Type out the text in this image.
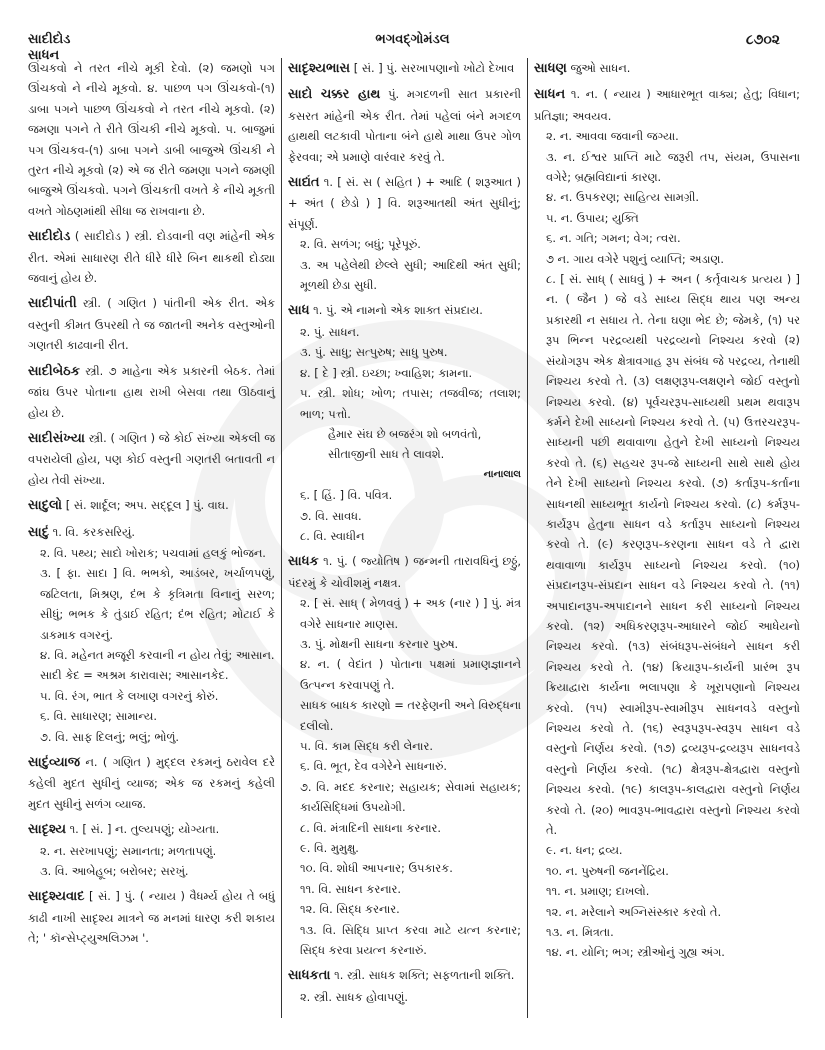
સાદીદોડ
સાધન
ભગવદ્ગોમંડલ	૮૭૦૨
ઊંચકવો ને તરત નીચે મૂકી દેવો. (૨) જમણો પગ ઊંચકવો ને નીચે મૂકવો. ૪. પાછળ પગ ઊંચકવો-(૧) ડાબા પગને પાછળ ઊંચકવો ને તરત નીચે મૂકવો. (૨) જમણા પગને તે રીતે ઊંચકી નીચે મૂકવો. ૫. બાજુમાં પગ ઊંચકવ-(૧) ડાબા પગને ડાબી બાજુએ ઊંચકી ને તુરત નીચે મૂકવો (૨) એ જ રીતે જમણા પગને જમણી બાજુએ ઊંચકવો. પગને ઊંચકતી વખતે કે નીચે મૂકતી વખતે ગોઠણમાંથી સીધા જ રાખવાના છે.
સાદીદોડ ( સાદીદોડ ) સ્ત્રી. દોડવાની વણ માંહેની એક રીત. એમાં સાધારણ રીતે ધીરે ધીરે બિન થાકથી દોડ્યા જવાનું હોય છે.
સાદીપાંતી સ્ત્રી. ( ગણિત ) પાંતીની એક રીત. એક વસ્તુની કીમત ઉપરથી તે જ જાતની અનેક વસ્તુઓની ગણતરી કાઢવાની રીત.
સાદીબેઠક સ્ત્રી. ૭ માહેના એક પ્રકારની બેઠક. તેમાં જાંઘ ઉપર પોતાના હાથ રાખી બેસવા તથા ઊઠવાનું હોય છે.
સાદીસંખ્યા સ્ત્રી. ( ગણિત ) જે કોઈ સંખ્યા એકલી જ વપરાયેલી હોય, પણ કોઈ વસ્તુની ગણતરી બતાવતી ન હોય તેવી સંખ્યા.
સાદુલો [ સં. શાર્દૂલ; અપ. સદ્દૂલ ] પું. વાઘ.
સાદું ૧. વિ. કરકસરિયું.
૨. વિ. પથ્ય; સાદો ખોરાક; પચવામાં હલકું ભોજન.
૩. [ ફા. સાદા ] વિ. ભભકો, આડંબર, ખર્ચાળપણું, જટિલતા, મિશ્રણ, દંભ કે કૃત્રિમતા વિનાનું સરળ; સીધું; ભભક કે તુંડાઈ રહિત; દંભ રહિત; મોટાઈ કે ડાકમાક વગરનું.
૪. વિ. મહેનત મજૂરી કરવાની ન હોય તેવું; આસાન.
સાદી કેદ = અશ્રમ કારાવાસ; આસાનકેદ.
૫. વિ. રંગ, ભાત કે લખાણ વગરનું કોરું.
૬. વિ. સાધારણ; સામાન્ય.
૭. વિ. સાફ દિલનું; ભલું; ભોળું.
સાદુંવ્યાજ ન. ( ગણિત ) મુદ્દલ રકમનું ઠરાવેલ દરે કહેલી મુદત સુધીનું વ્યાજ; એક જ રકમનું કહેલી મુદત સુધીનું સળંગ વ્યાજ.
સાદૃશ્ય ૧. [ સં. ] ન. તુલ્યપણું; યોગ્યતા.
૨. ન. સરખાપણું; સમાનતા; મળતાપણું.
૩. વિ. આબેહૂબ; બરોબર; સરખું.
સાદૃશ્યવાદ [ સં. ] પું. ( ન્યાય ) વૈધર્મ્ય હોય તે બધું કાઢી નાખી સાદૃશ્ય માત્રને જ મનમાં ધારણ કરી શકાય તે; ' કૉન્સેપ્ટ્યુઅલિઝમ '.
સાદૃશ્યભાસ [ સં. ] પું. સરખાપણાનો ખોટો દેખાવ
સાદો ચક્કર હાથ પું. મગદળની સાત પ્રકારની કસરત માંહેની એક રીત. તેમાં પહેલાં બંને મગદળ હાથથી લટકાવી પોતાના બંને હાથે માથા ઉપર ગોળ ફેરવવા; એ પ્રમાણે વારંવાર કરવું તે.
સાદ્યંત ૧. [ સં. સ ( સહિત ) + આદિ ( શરૂઆત ) + અંત ( છેડો ) ] વિ. શરૂઆતથી અંત સુધીનું; સંપૂર્ણ.
૨. વિ. સળંગ; બધું; પૂરેપૂરું.
૩. અ પહેલેથી છેલ્લે સુધી; આદિથી અંત સુધી; મૂળથી છેડા સુધી.
સાધ ૧. પું. એ નામનો એક શાક્ત સંપ્રદાય.
૨. પું. સાધન.
૩. પું. સાધુ; સત્પુરુષ; સાધુ પુરુષ.
૪. [ દે ] સ્ત્રી. ઇચ્છા; ખ્વાહિશ; કામના.
૫. સ્ત્રી. શોધ; ખોળ; તપાસ; તજવીજ; તલાશ; ભાળ; પત્તો.
હૈમાર સંઘ છે બજરંગ શો બળવંતો,
સીતાજીની સાધ તે લાવશે.
નાનાલાલ
૬. [ હિં. ] વિ. પવિત્ર.
૭. વિ. સાવધ.
૮. વિ. સ્વાધીન
સાધક ૧. પું. ( જ્યોતિષ ) જન્મની તારાવધિનું છઠ્ઠું, પંદરમું કે ચોવીશમું નક્ષત્ર.
૨. [ સં. સાધ્ ( મેળવવું ) + અક (નાર ) ] પું. મંત્ર વગેરે સાધનાર માણસ.
૩. પું. મોક્ષની સાધના કરનાર પુરુષ.
૪. ન. ( વેદાંત ) પોતાના પક્ષમાં પ્રમાણજ્ઞાનને ઉત્પન્ન કરવાપણું તે.
સાધક બાધક કારણો = તરફેણની અને વિરુદ્ધના દલીલો.
૫. વિ. કામ સિદ્ધ કરી લેનાર.
૬. વિ. ભૂત, દેવ વગેરેને સાધનારું.
૭. વિ. મદદ કરનાર; સહાયક; સેવામાં સહાયક; કાર્યસિદ્ધિમાં ઉપયોગી.
૮. વિ. મંત્રાદિની સાધના કરનાર.
૯. વિ. મુમુક્ષુ.
૧૦. વિ. શોધી આપનાર; ઉપકારક.
૧૧. વિ. સાધન કરનાર.
૧૨. વિ. સિદ્ધ કરનાર.
૧૩. વિ. સિદ્ધિ પ્રાપ્ત કરવા માટે યત્ન કરનાર; સિદ્ધ કરવા પ્રયત્ન કરનારું.
સાધકતા ૧. સ્ત્રી. સાધક શક્તિ; સફળતાની શક્તિ.
૨. સ્ત્રી. સાધક હોવાપણું.
સાધણ જુઓ સાધન.
સાધન ૧. ન. ( ન્યાય ) આધારભૂત વાક્ય; હેતુ; વિધાન; પ્રતિજ્ઞા; અવયવ.
૨. ન. આવવા જવાની જગ્યા.
૩. ન. ઈશ્વર પ્રાપ્તિ માટે જરૂરી તપ, સંયમ, ઉપાસના વગેરે; બ્રહ્મવિદ્યાનાં કારણ.
૪. ન. ઉપકરણ; સાહિત્ય સામગ્રી.
૫. ન. ઉપાય; યુક્તિ
૬. ન. ગતિ; ગમન; વેગ; ત્વરા.
૭ ન. ગાય વગેરે પશુનું વ્યાપ્તિ; અડાણ.
૮. [ સં. સાધ્ ( સાધવું ) + અન ( કર્તૃવાચક પ્રત્યય ) ] ન. ( જૈન ) જે વડે સાધ્ય સિદ્ધ થાય પણ અન્ય પ્રકારથી ન સધાય તે. તેના ઘણા ભેદ છે; જેમકે, (૧) પર રૂપ ભિન્ન પરદ્રવ્યથી પરદ્રવ્યનો નિશ્ચય કરવો (૨) સંયોગરૂપ એક ક્ષેત્રાવગાહ રૂપ સંબંધ જે પરદ્રવ્ય, તેનાથી નિશ્ચય કરવો તે. (૩) લક્ષણરૂપ-લક્ષણને જોઈ વસ્તુનો નિશ્ચય કરવો. (૪) પૂર્વચરરૂપ-સાધ્યથી પ્રથમ થવારૂપ કર્મને દેખી સાધ્યનો નિશ્ચય કરવો તે. (૫) ઉત્તરચરરૂપ-સાધ્યની પછી થવાવાળા હેતુને દેખી સાધ્યનો નિશ્ચય કરવો તે. (૬) સહચર રૂપ-જે સાધ્યની સાથે સાથે હોય તેને દેખી સાધ્યનો નિશ્ચય કરવો. (૭) કર્તારૂપ-કર્તાના સાધનથી સાધ્યભૂત કાર્યનો નિશ્ચય કરવો. (૮) કર્મરૂપ-કાર્યરૂપ હેતુના સાધન વડે કર્તારૂપ સાધ્યનો નિશ્ચય કરવો તે. (૯) કરણરૂપ-કરણના સાધન વડે તે દ્વારા થવાવાળા કાર્યરૂપ સાધ્યનો નિશ્ચય કરવો. (૧૦) સંપ્રદાનરૂપ-સંપ્રદાન સાધન વડે નિશ્ચય કરવો તે. (૧૧) અપાદાનરૂપ-અપાદાનને સાધન કરી સાધ્યનો નિશ્ચય કરવો. (૧૨) અધિકરણરૂપ-આધારને જોઈ આધેયનો નિશ્ચય કરવો. (૧૩) સંબંધરૂપ-સંબંધને સાધન કરી નિશ્ચય કરવો તે. (૧૪) ક્રિયારૂપ-કાર્યની પ્રારંભ રૂપ ક્રિયાદ્વારા કાર્યના ભલાપણા કે ખૂરાપણાનો નિશ્ચય કરવો. (૧૫) સ્વામીરૂપ-સ્વામીરૂપ સાધનવડે વસ્તુનો નિશ્ચય કરવો તે. (૧૬) સ્વરૂપરૂપ-સ્વરૂપ સાધન વડે વસ્તુનો નિર્ણય કરવો. (૧૭) દ્રવ્યરૂપ-દ્રવ્યરૂપ સાધનવડે વસ્તુનો નિર્ણય કરવો. (૧૮) ક્ષેત્રરૂપ-ક્ષેત્રદ્વારા વસ્તુનો નિશ્ચય કરવો. (૧૯) કાલરૂપ-કાલદ્વારા વસ્તુનો નિર્ણય કરવો તે. (૨૦) ભાવરૂપ-ભાવદ્વારા વસ્તુનો નિશ્ચય કરવો તે.
૯. ન. ધન; દ્રવ્ય.
૧૦. ન. પુરુષની જનનેંદ્રિય.
૧૧. ન. પ્રમાણ; દાખલો.
૧૨. ન. મરેલાને અગ્નિસંસ્કાર કરવો તે.
૧૩. ન. મિત્રતા.
૧૪. ન. યોનિ; ભગ; સ્ત્રીઓનું ગુહ્ય અંગ.
